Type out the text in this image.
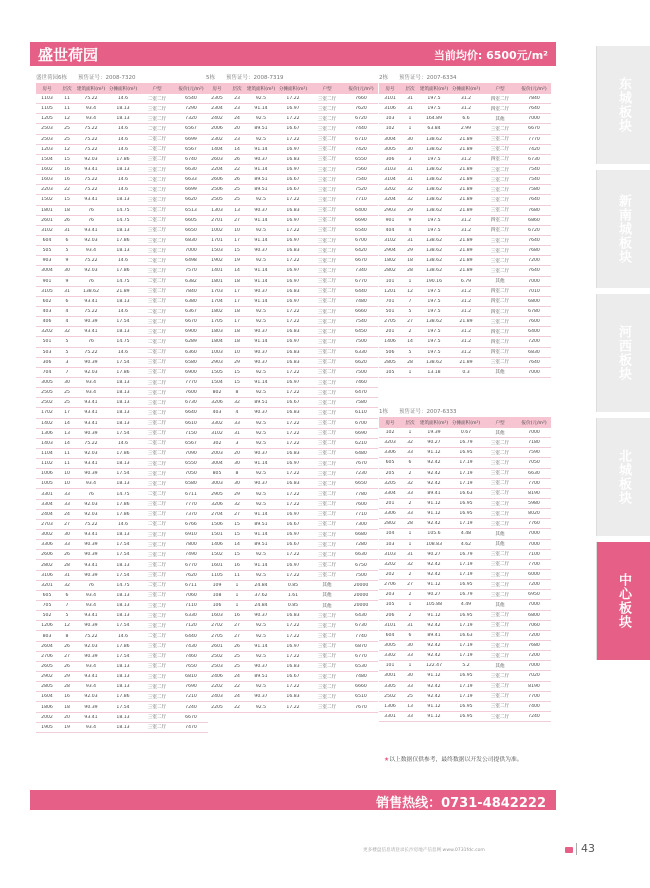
盛世荷园	当前均价: 6500元/m²
盛世荷园6栋　　预售证号：2008-7320
房号	层次	建筑面积(m²) 分摊面积(m²)	户型	报价(元/m²)
1103	11	75.22	14.6	二室二厅	6540
1105	11	93.4	18.13	三室二厅	7290
1205	12	93.4	18.13	三室二厅	7320
2503	25	75.22	14.6	二室二厅	6567
2503	25	75.22	14.6	二室二厅	6699
1203	12	75.22	14.6	二室二厅	6567
1504	15	92.03	17.86	三室二厅	6740
1602	16	93.41	18.13	三室二厅	6630
1603	16	75.22	14.6	二室二厅	6633
2203	22	75.22	14.6	二室二厅	6699
1502	15	93.41	18.13	三室二厅	6620
1801	18	76	14.75	二室二厅	6513
2601	26	76	14.75	二室二厅	6605
3102	31	93.41	18.13	三室二厅	6650
604	6	92.03	17.86	三室二厅	6830
505	5	93.4	18.13	三室二厅	7000
903	9	75.22	14.6	二室二厅	6498
3004	30	92.03	17.86	三室二厅	7570
901	9	76	14.75	二室二厅	6382
3105	31	138.62	21.89	三室二厅	7840
602	6	93.41	18.13	三室二厅	6380
403	4	75.22	14.6	二室二厅	6367
406	4	90.39	17.54	三室二厅	6670
3202	32	93.41	18.13	三室二厅	6900
501	5	76	14.75	二室二厅	6289
503	5	75.22	14.6	二室二厅	6360
306	3	90.39	17.54	三室二厅	6580
704	7	92.03	17.86	三室二厅	6900
3005	30	93.4	18.13	三室二厅	7770
2505	25	93.4	18.13	三室二厅	7600
2502	25	93.41	18.13	三室二厅	6730
1702	17	93.41	18.13	三室二厅	6640
1402	14	93.41	18.13	三室二厅	6610
1306	13	90.39	17.54	三室二厅	7150
1403	14	75.22	14.6	二室二厅	6567
1104	11	92.03	17.86	三室二厅	7090
1102	11	93.41	18.13	三室二厅	6550
1006	10	90.39	17.54	三室二厅	7050
1005	10	93.4	18.13	三室二厅	6580
3301	33	76	14.75	二室二厅	6711
3304	33	92.03	17.86	三室二厅	7770
2404	24	92.03	17.86	三室二厅	7370
2703	27	75.22	14.6	二室二厅	6766
3002	30	93.41	18.13	三室二厅	6910
3306	33	90.39	17.54	三室二厅	7800
2606	26	90.39	17.54	三室二厅	7490
2802	28	93.41	18.13	三室二厅	6770
3106	31	90.39	17.54	三室二厅	7620
3201	32	76	14.75	二室二厅	6711
605	6	93.4	18.13	三室二厅	7060
705	7	93.4	18.13	三室二厅	7110
502	5	93.41	18.13	三室二厅	6330
1206	12	90.39	17.54	三室二厅	7120
803	8	75.22	14.6	二室二厅	6440
2604	26	92.03	17.86	三室二厅	7430
2706	27	90.39	17.54	三室二厅	7460
2605	26	93.4	18.13	三室二厅	7650
2902	29	93.41	18.13	三室二厅	6810
2805	28	93.4	18.13	三室二厅	7690
1604	16	92.03	17.86	三室二厅	7210
1806	18	90.39	17.54	三室二厅	7240
2002	20	93.41	18.13	三室二厅	6670
1905	19	93.4	18.13	三室二厅	7470
5栋　　预售证号：2008-7319
房号	层次	建筑面积(m²) 分摊面积(m²)	户型	报价(元/m²)
2305	23	92.5	17.22	三室二厅	7660
2304	23	91.14	16.97	三室二厅	7620
2402	24	92.5	17.22	三室二厅	6720
2006	20	89.51	16.67	三室二厅	7440
2302	23	92.5	17.22	三室二厅	6710
1404	14	91.14	16.97	三室二厅	7420
2603	26	90.37	16.83	三室二厅	6550
2204	22	91.14	16.97	三室二厅	7560
2606	26	89.51	16.67	三室二厅	7540
2506	25	89.51	16.67	三室二厅	7520
2505	25	92.5	17.22	三室二厅	7710
1303	13	90.37	16.83	三室二厅	6400
2701	27	91.14	16.97	三室二厅	6690
1002	10	92.5	17.22	三室二厅	6540
1701	17	91.14	16.97	三室二厅	6700
1503	15	90.37	16.83	三室二厅	6420
1902	19	92.5	17.22	三室二厅	6670
1401	14	91.14	16.97	三室二厅	7340
1801	18	91.14	16.97	三室二厅	6770
1703	17	90.37	16.83	三室二厅	6440
1704	17	91.14	16.97	三室二厅	7480
1802	18	92.5	17.22	三室二厅	6660
1705	17	92.5	17.22	三室二厅	7540
1803	18	90.37	16.83	三室二厅	6450
1804	18	91.14	16.97	三室二厅	7500
1003	10	90.37	16.83	三室二厅	6330
2903	29	90.37	16.83	三室二厅	6620
1505	15	92.5	17.22	三室二厅	7500
1504	15	91.14	16.97	三室二厅	7460
802	8	92.5	17.22	三室二厅	6470
3206	32	89.51	16.67	三室二厅	7580
403	4	90.37	16.83	三室二厅	6110
3302	33	92.5	17.22	三室二厅	6700
3102	31	92.5	17.22	三室二厅	6690
302	3	92.5	17.22	三室二厅	6210
2003	20	90.37	16.83	三室二厅	6480
3004	30	91.14	16.97	三室二厅	7670
805	8	92.5	17.22	三室二厅	7230
3003	30	90.37	16.83	三室二厅	6650
2905	29	92.5	17.22	三室二厅	7780
3206	32	92.5	17.22	三室二厅	7600
2704	27	91.14	16.97	三室二厅	7710
1506	15	89.51	16.67	三室二厅	7300
1501	15	91.14	16.97	三室二厅	6680
1406	14	89.51	16.67	三室二厅	7280
1502	15	92.5	17.22	三室二厅	6630
1601	16	91.14	16.97	三室二厅	6750
1105	11	92.5	17.22	三室二厅	7500
109	1	24.84	0.85	其他	20000
108	1	37.62	1.61	其他	20000
106	1	24.84	0.85	其他	20000
1603	16	90.37	16.83	三室二厅	6430
2702	27	92.5	17.22	三室二厅	6730
2705	27	92.5	17.22	三室二厅	7740
2601	26	91.14	16.97	三室二厅	6870
2502	25	92.5	17.22	三室二厅	6770
2503	25	90.37	16.83	三室二厅	6530
2406	24	89.51	16.67	三室二厅	7480
2202	22	92.5	17.22	三室二厅	6660
2403	24	90.37	16.83	三室二厅	6510
2205	22	92.5	17.22	三室二厅	7670
2栋　　预售证号：2007-6334
房号	层次	建筑面积(m²) 分摊面积(m²)	户型	报价(元/m²)
3101	31	197.5	31.2	四室二厅	7840
3106	31	197.5	31.2	四室二厅	7640
103	1	164.89	6.6	其他	7000
102	1	63.84	2.99	三室二厅	6670
3004	30	138.62	21.89	三室二厅	7770
3005	30	138.62	21.89	三室二厅	7420
306	3	197.5	31.2	四室二厅	6730
3103	31	138.62	21.89	三室二厅	7540
3104	31	138.62	21.89	三室二厅	7540
3202	32	138.62	21.89	三室二厅	7580
3204	32	138.62	21.89	三室二厅	7640
2903	29	138.62	21.89	三室二厅	7680
901	9	197.5	31.2	四室二厅	6860
404	4	197.5	31.2	四室二厅	6720
3102	31	138.62	21.89	三室二厅	7640
2904	29	138.62	21.89	三室二厅	7680
1802	18	138.62	21.89	三室二厅	7200
2802	28	138.62	21.89	三室二厅	7640
101	1	190.16	6.79	其他	7000
1201	12	197.5	31.2	四室二厅	7010
701	7	197.5	31.2	四室二厅	6800
501	5	197.5	31.2	四室二厅	6780
2705	27	138.62	21.89	三室二厅	7600
201	2	197.5	31.2	四室二厅	6400
1406	14	197.5	31.2	四室二厅	7200
506	5	197.5	31.2	四室二厅	6830
2805	28	138.62	21.89	三室二厅	7640
105	1	13.18	0.3	其他	7000
1栋　　预售证号：2007-6333
房号	层次	建筑面积(m²) 分摊面积(m²)	户型	报价(元/m²)
102	1	19.39	0.67	其他	7000
3203	32	90.27	16.79	三室二厅	7180
3306	33	91.12	16.95	三室二厅	7590
605	6	92.42	17.19	三室二厅	7050
205	2	92.42	17.19	三室二厅	6630
3205	32	92.42	17.19	三室二厅	7700
3304	33	89.41	16.63	三室二厅	8190
201	2	91.12	16.95	三室二厅	5980
3306	33	91.12	16.95	三室二厅	8020
2802	28	92.42	17.19	三室二厅	7760
104	1	105.6	4.48	其他	7000
103	1	108.83	4.62	其他	7000
3103	31	90.27	16.79	三室二厅	7100
3202	32	92.42	17.19	三室二厅	7700
202	2	92.42	17.19	三室二厅	6000
2706	27	91.12	16.95	三室二厅	7200
203	2	90.27	16.79	三室二厅	6950
105	1	105.88	4.49	其他	7000
206	2	91.12	16.95	三室二厅	6800
3101	31	92.42	17.19	三室二厅	7060
604	6	89.41	16.63	三室二厅	7200
3005	30	92.42	17.19	三室二厅	7680
3302	33	92.42	17.19	三室二厅	7200
101	1	122.47	5.2	其他	7000
3001	30	91.12	16.95	三室二厅	7020
3305	33	92.42	17.19	三室二厅	8190
2502	25	92.42	17.19	三室二厅	7700
1306	13	91.12	16.95	三室二厅	7400
3301	33	91.12	16.95	三室二厅	7240
★以上数据仅供参考，最终数据以开发公司提供为准。
销售热线：0731-4842222
东城板块
新南城板块
河西板块
北城板块
中心板块
更多楼盘信息请登录长沙房地产信息网 www.0731fdc.com	43
